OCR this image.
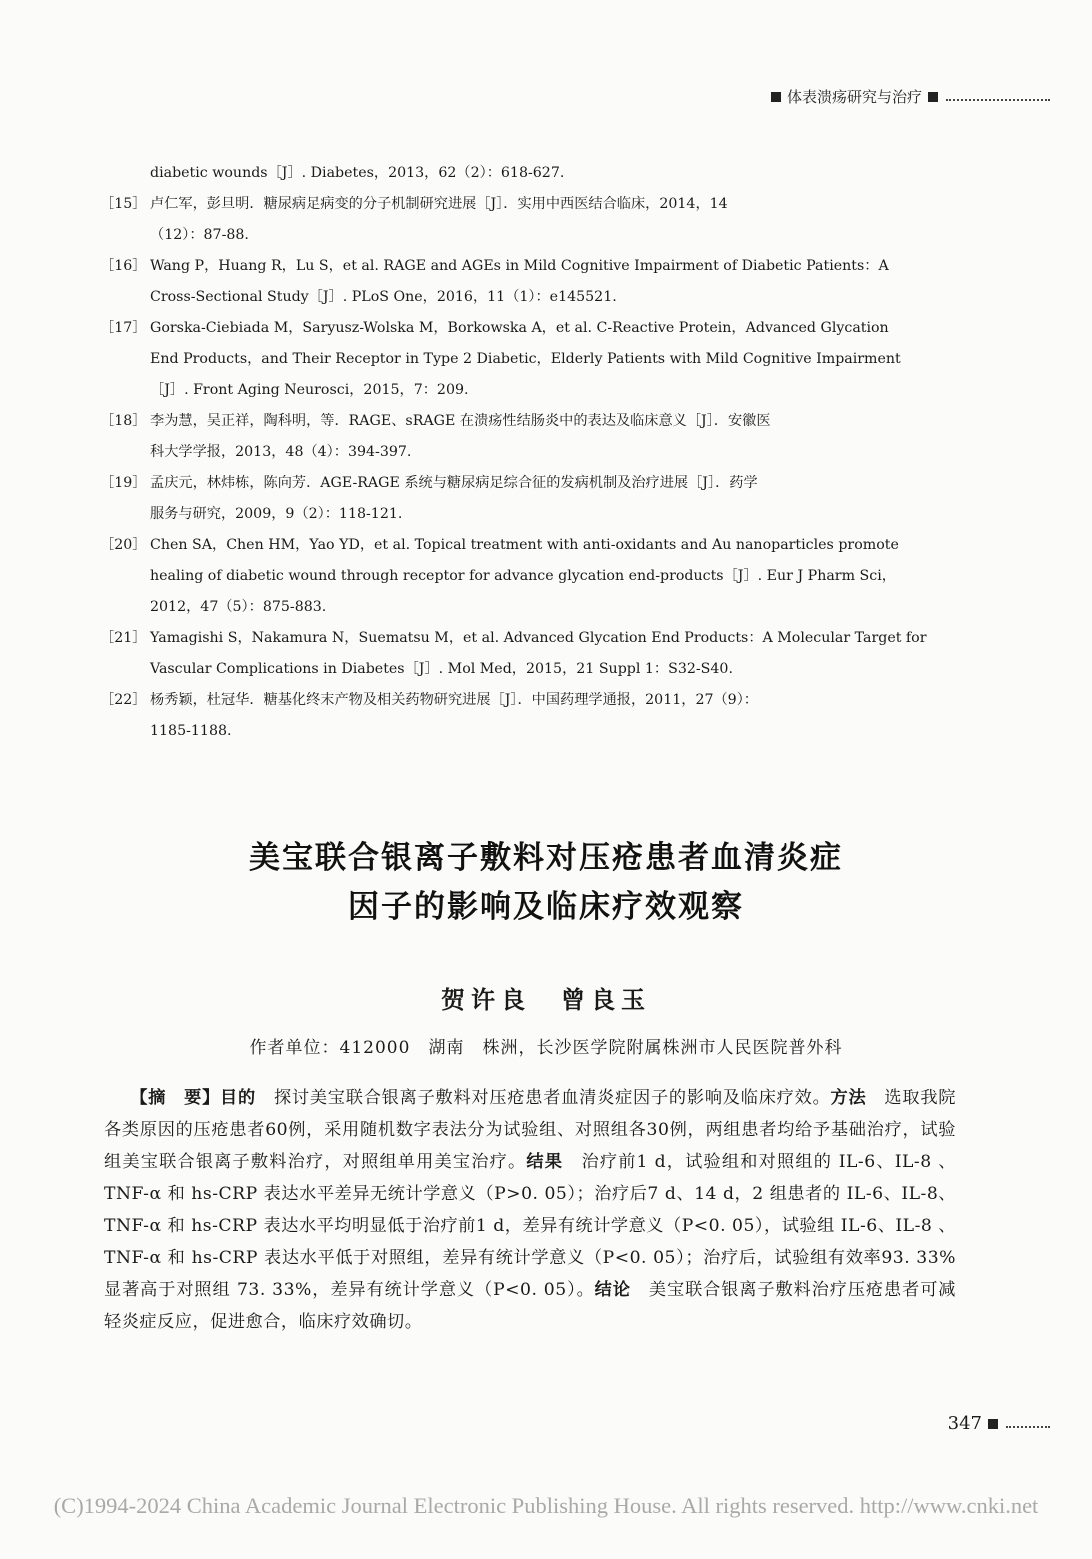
体表溃疡研究与治疗
diabetic wounds［J］. Diabetes，2013，62（2）：618-627.
［15］ 卢仁军，彭旦明．糖尿病足病变的分子机制研究进展［J］．实用中西医结合临床，2014，14
（12）：87-88.
［16］ Wang P，Huang R，Lu S，et al. RAGE and AGEs in Mild Cognitive Impairment of Diabetic Patients：A
Cross-Sectional Study［J］. PLoS One，2016，11（1）：e145521.
［17］ Gorska-Ciebiada M，Saryusz-Wolska M，Borkowska A，et al. C-Reactive Protein，Advanced Glycation
End Products，and Their Receptor in Type 2 Diabetic，Elderly Patients with Mild Cognitive Impairment
［J］. Front Aging Neurosci，2015，7：209.
［18］ 李为慧，吴正祥，陶科明，等．RAGE、sRAGE 在溃疡性结肠炎中的表达及临床意义［J］．安徽医
科大学学报，2013，48（4）：394-397.
［19］ 孟庆元，林炜栋，陈向芳．AGE-RAGE 系统与糖尿病足综合征的发病机制及治疗进展［J］．药学
服务与研究，2009，9（2）：118-121.
［20］ Chen SA，Chen HM，Yao YD，et al. Topical treatment with anti-oxidants and Au nanoparticles promote
healing of diabetic wound through receptor for advance glycation end-products［J］. Eur J Pharm Sci，
2012，47（5）：875-883.
［21］ Yamagishi S，Nakamura N，Suematsu M，et al. Advanced Glycation End Products：A Molecular Target for
Vascular Complications in Diabetes［J］. Mol Med，2015，21 Suppl 1：S32-S40.
［22］ 杨秀颖，杜冠华．糖基化终末产物及相关药物研究进展［J］．中国药理学通报，2011，27（9）：
1185-1188.
美宝联合银离子敷料对压疮患者血清炎症
因子的影响及临床疗效观察
贺许良　曾良玉
作者单位：412000　湖南　株洲，长沙医学院附属株洲市人民医院普外科
【摘　要】目的　 探讨美宝联合银离子敷料对压疮患者血清炎症因子的影响及临床疗效。方法　 选取我院各类原因的压疮患者60例，采用随机数字表法分为试验组、对照组各30例，两组患者均给予基础治疗，试验组美宝联合银离子敷料治疗，对照组单用美宝治疗。结果　 治疗前1 d，试验组和对照组的 IL-6、IL-8 、TNF-α 和 hs-CRP 表达水平差异无统计学意义（P>0. 05）；治疗后7 d、14 d，2 组患者的 IL-6、IL-8、TNF-α 和 hs-CRP 表达水平均明显低于治疗前1 d，差异有统计学意义（P<0. 05），试验组 IL-6、IL-8 、TNF-α 和 hs-CRP 表达水平低于对照组，差异有统计学意义（P<0. 05）；治疗后，试验组有效率93. 33%显著高于对照组 73. 33%，差异有统计学意义（P<0. 05）。结论　 美宝联合银离子敷料治疗压疮患者可减轻炎症反应，促进愈合，临床疗效确切。
347
(C)1994-2024 China Academic Journal Electronic Publishing House. All rights reserved. http://www.cnki.net
